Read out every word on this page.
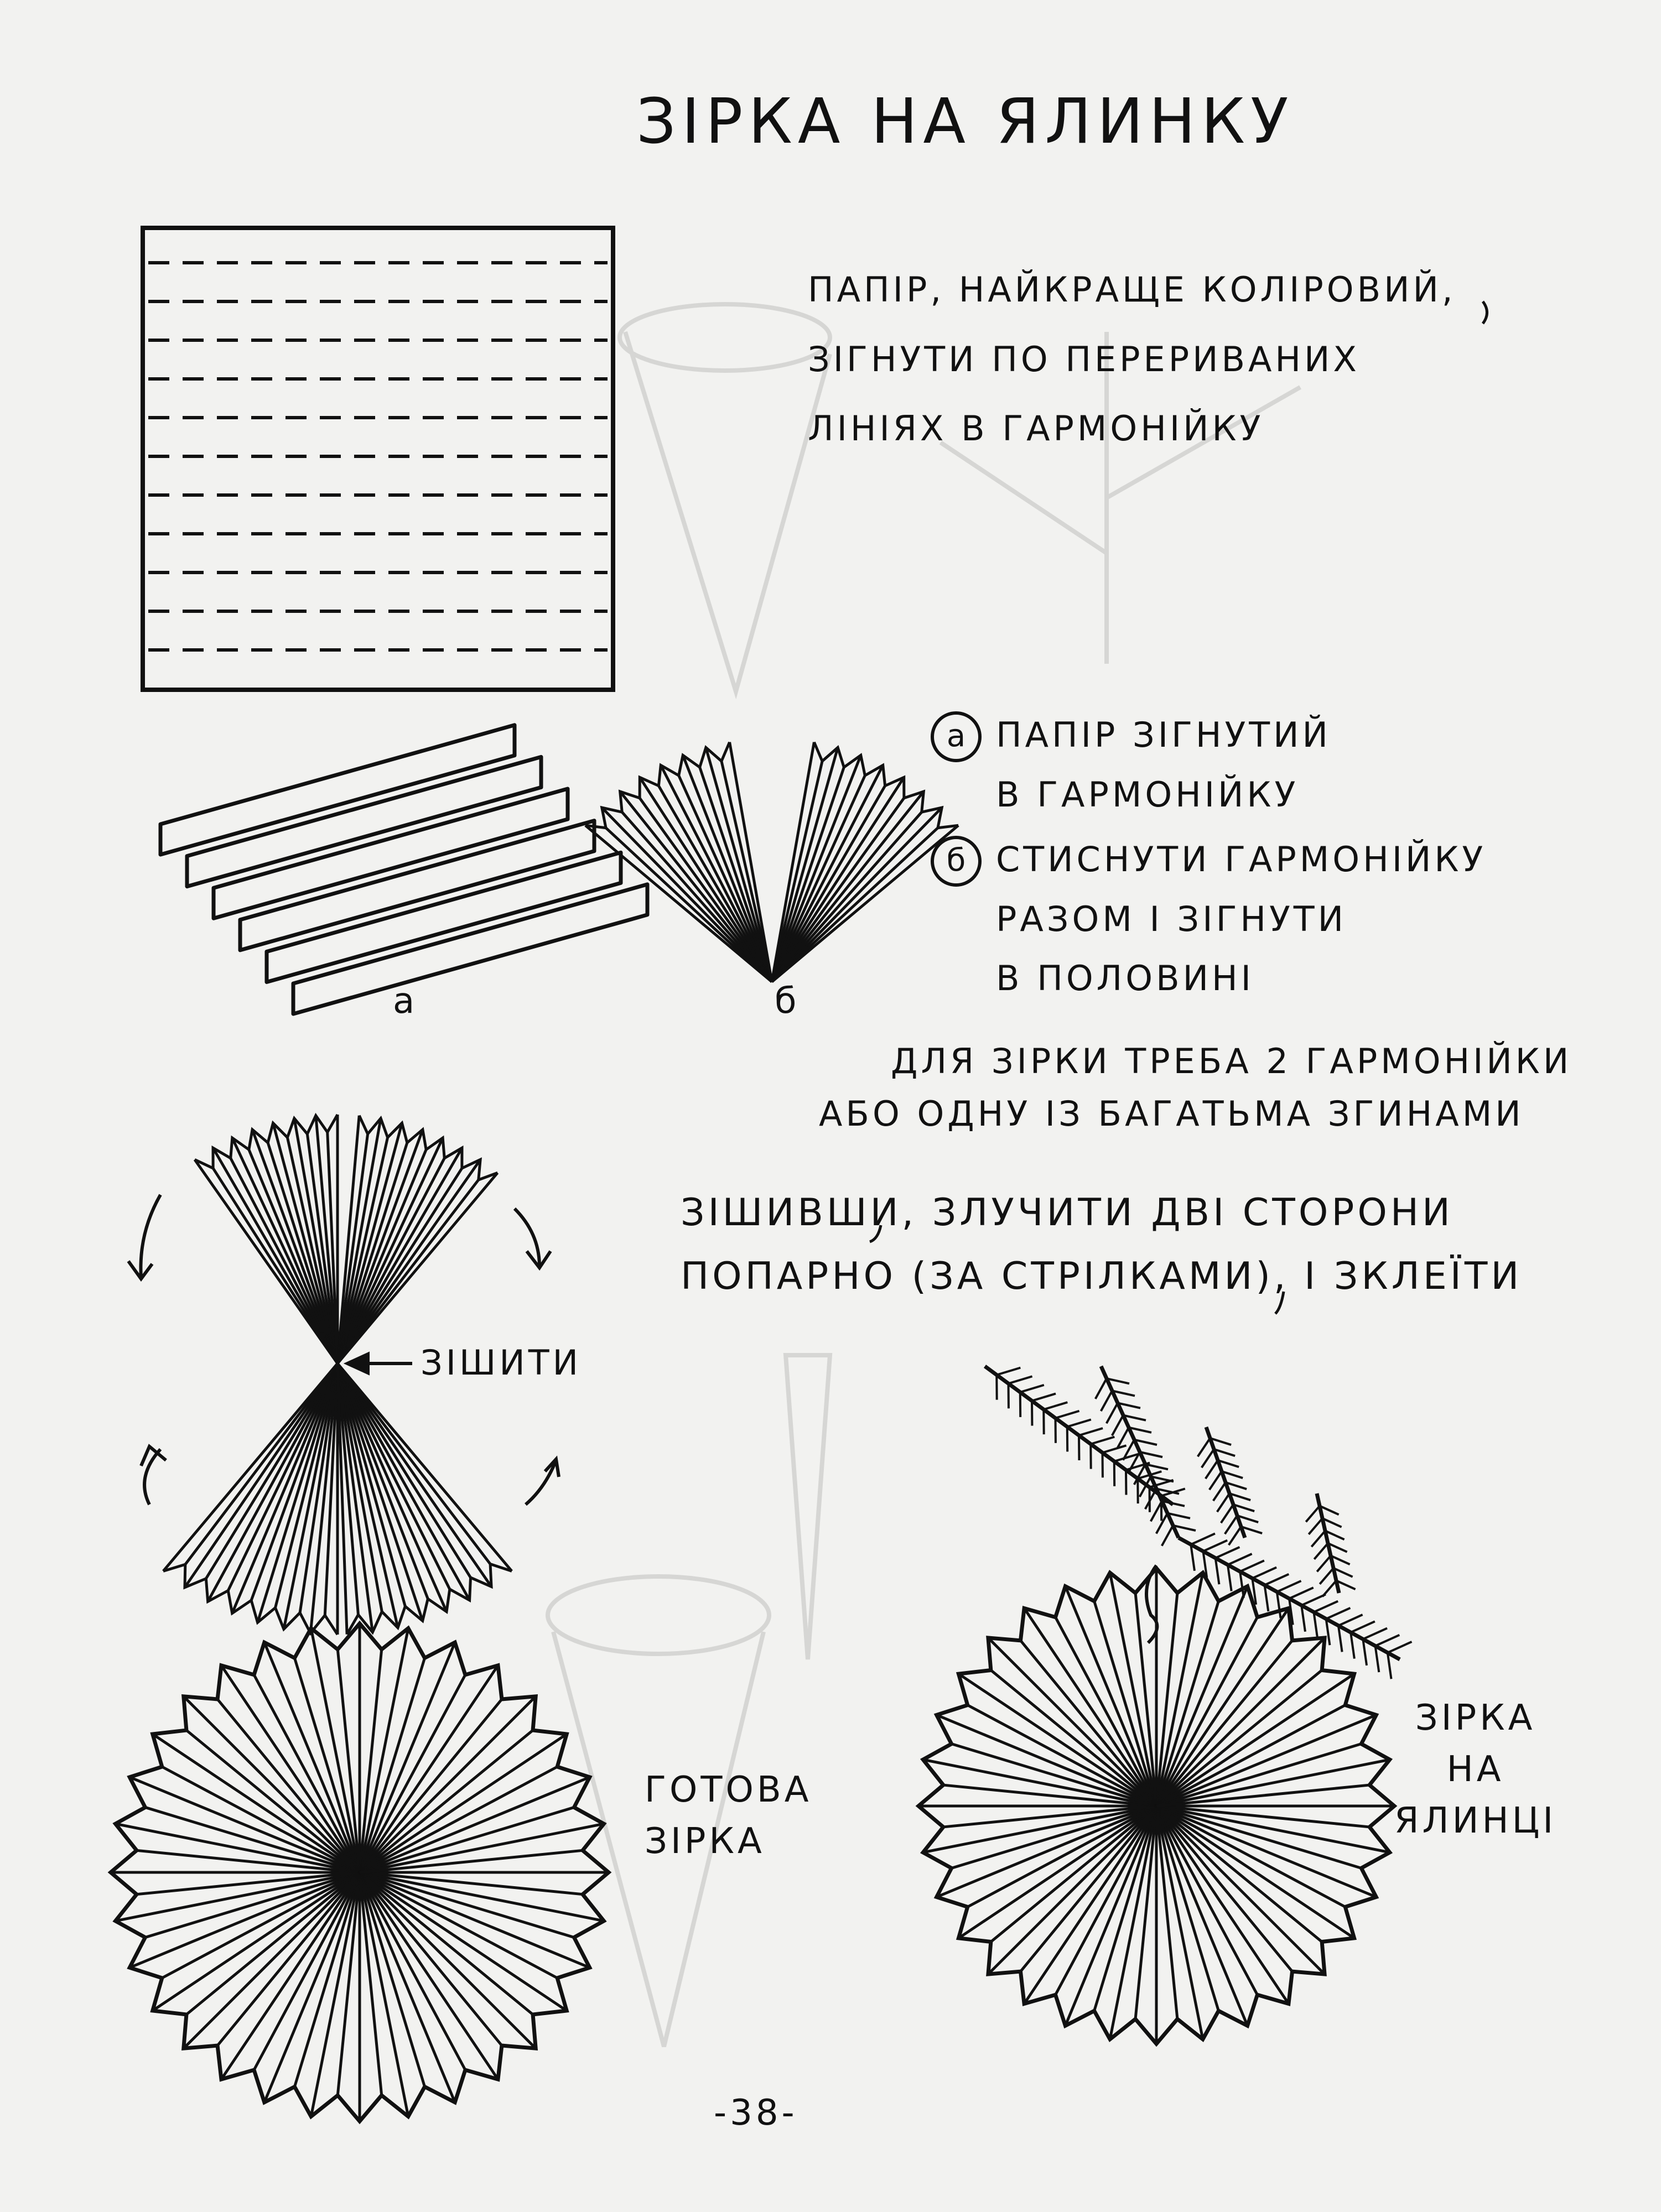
ЗІРКА НА ЯЛИНКУ
ПАПІР, НАЙКРАЩЕ КОЛІРОВИЙ,
ЗІГНУТИ ПО ПЕРЕРИВАНИХ
ЛІНІЯХ В ГАРМОНІЙКУ
а	б
а ПАПІР ЗІГНУТИЙ
В ГАРМОНІЙКУ
б СТИСНУТИ ГАРМОНІЙКУ
РАЗОМ І ЗІГНУТИ
В ПОЛОВИНІ
ДЛЯ ЗІРКИ ТРЕБА 2 ГАРМОНІЙКИ
АБО ОДНУ ІЗ БАГАТЬМА ЗГИНАМИ
ЗІШИВШИ, ЗЛУЧИТИ ДВІ СТОРОНИ
ПОПАРНО (ЗА СТРІЛКАМИ), І ЗКЛЕЇТИ
ЗІШИТИ
ГОТОВА
ЗІРКА
ЗІРКА
НА
ЯЛИНЦІ
-38-
